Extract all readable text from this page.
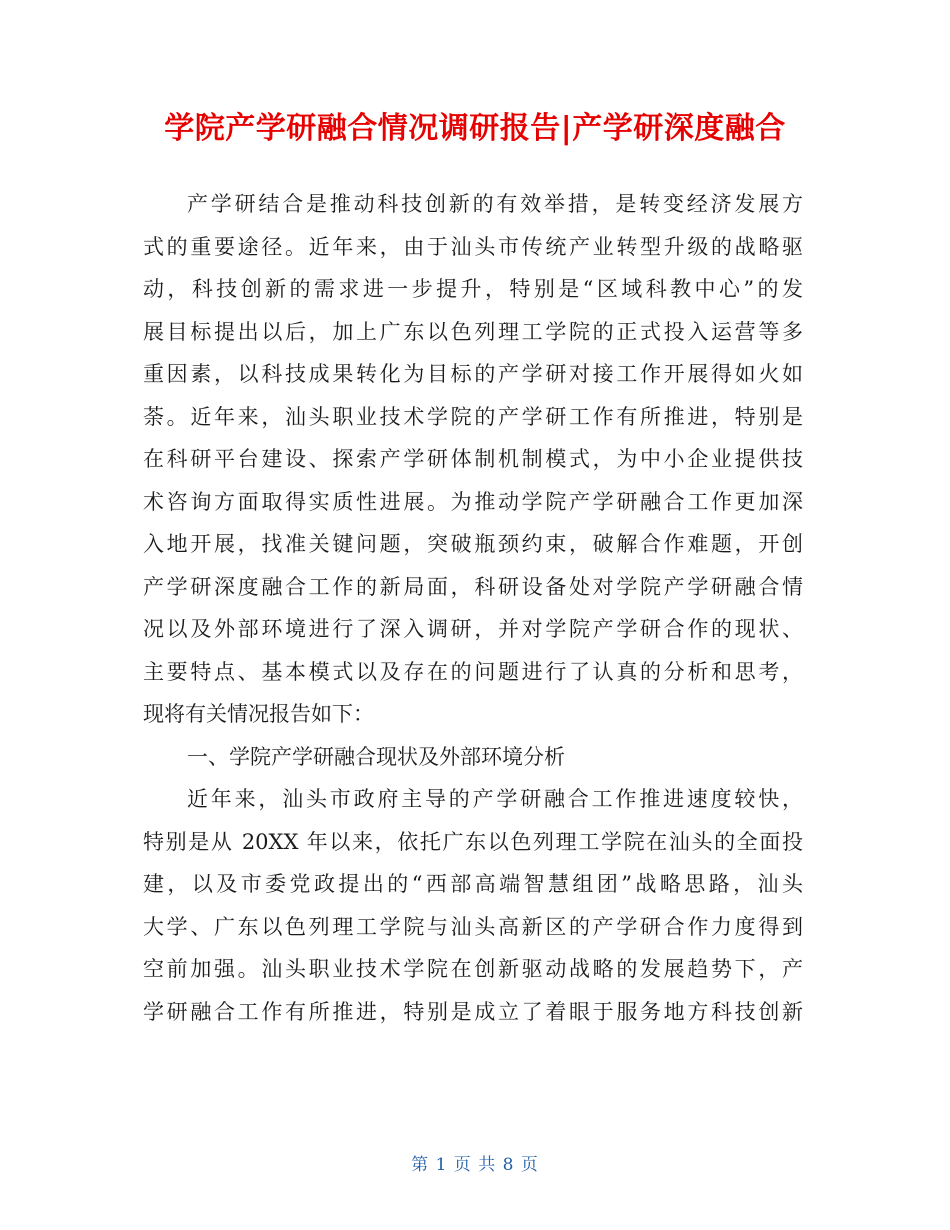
学院产学研融合情况调研报告|产学研深度融合
产学研结合是推动科技创新的有效举措，是转变经济发展方
式的重要途径。近年来，由于汕头市传统产业转型升级的战略驱
动，科技创新的需求进一步提升，特别是“区域科教中心”的发
展目标提出以后，加上广东以色列理工学院的正式投入运营等多
重因素，以科技成果转化为目标的产学研对接工作开展得如火如
荼。近年来，汕头职业技术学院的产学研工作有所推进，特别是
在科研平台建设、探索产学研体制机制模式，为中小企业提供技
术咨询方面取得实质性进展。为推动学院产学研融合工作更加深
入地开展，找准关键问题，突破瓶颈约束，破解合作难题，开创
产学研深度融合工作的新局面，科研设备处对学院产学研融合情
况以及外部环境进行了深入调研，并对学院产学研合作的现状、
主要特点、基本模式以及存在的问题进行了认真的分析和思考，
现将有关情况报告如下：
一、学院产学研融合现状及外部环境分析
近年来，汕头市政府主导的产学研融合工作推进速度较快，
特别是从 20XX 年以来，依托广东以色列理工学院在汕头的全面投
建，以及市委党政提出的“西部高端智慧组团”战略思路，汕头
大学、广东以色列理工学院与汕头高新区的产学研合作力度得到
空前加强。汕头职业技术学院在创新驱动战略的发展趋势下，产
学研融合工作有所推进，特别是成立了着眼于服务地方科技创新
第 1 页 共 8 页
